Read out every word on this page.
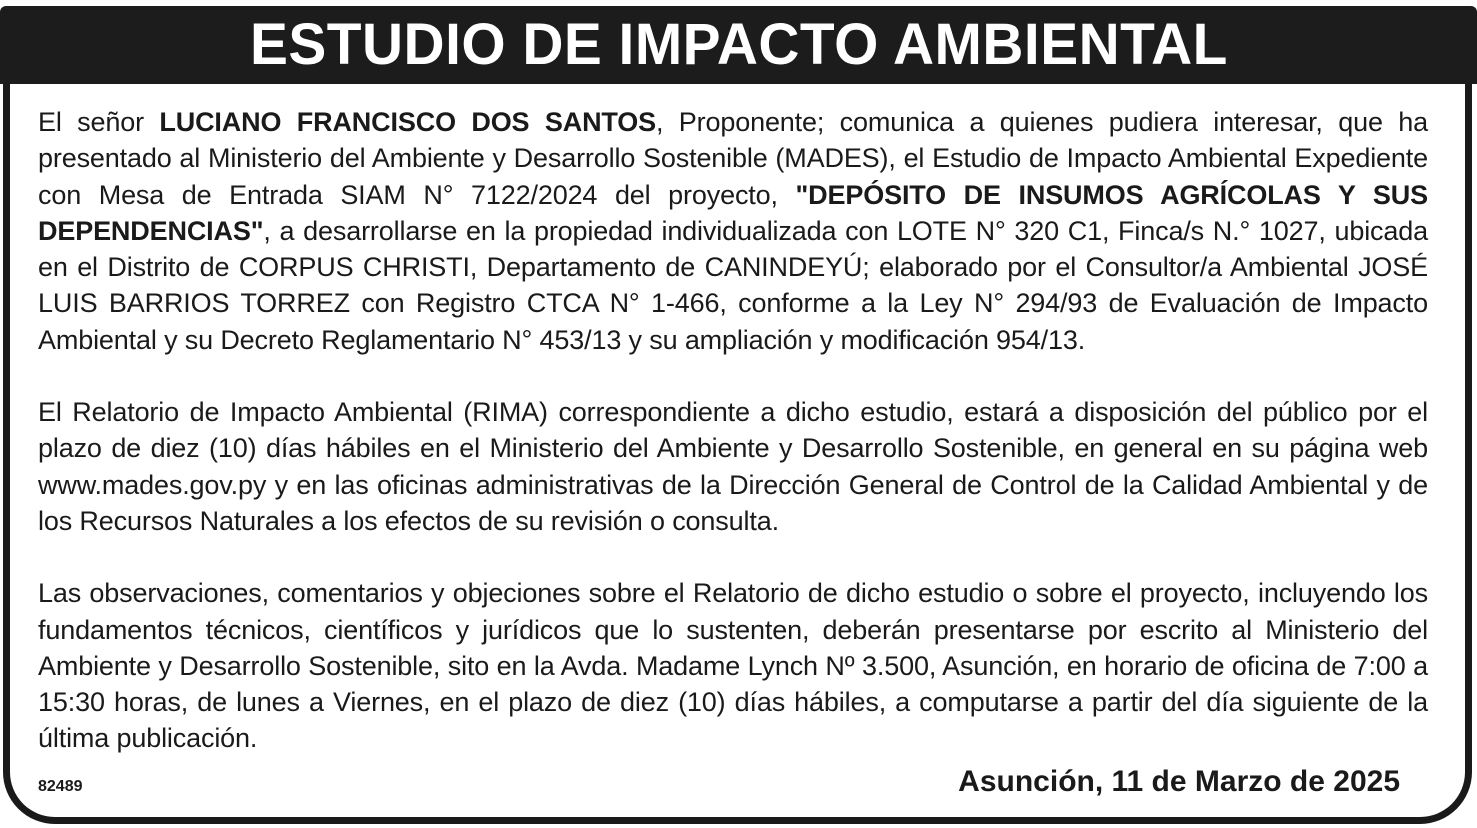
ESTUDIO DE IMPACTO AMBIENTAL

El señor LUCIANO FRANCISCO DOS SANTOS, Proponente; comunica a quienes pudiera interesar, que ha presentado al Ministerio del Ambiente y Desarrollo Sostenible (MADES), el Estudio de Impacto Ambiental Expediente con Mesa de Entrada SIAM N° 7122/2024 del proyecto, "DEPÓSITO DE INSUMOS AGRÍCOLAS Y SUS DEPENDENCIAS", a desarrollarse en la propiedad individualizada con LOTE N° 320 C1, Finca/s N.° 1027, ubicada en el Distrito de CORPUS CHRISTI, Departamento de CANINDEYÚ; elaborado por el Consultor/a Ambiental JOSÉ LUIS BARRIOS TORREZ con Registro CTCA N° 1-466, conforme a la Ley N° 294/93 de Evaluación de Impacto Ambiental y su Decreto Reglamentario N° 453/13 y su ampliación y modificación 954/13.

El Relatorio de Impacto Ambiental (RIMA) correspondiente a dicho estudio, estará a disposición del público por el plazo de diez (10) días hábiles en el Ministerio del Ambiente y Desarrollo Sostenible, en general en su página web www.mades.gov.py y en las oficinas administrativas de la Dirección General de Control de la Calidad Ambiental y de los Recursos Naturales a los efectos de su revisión o consulta.

Las observaciones, comentarios y objeciones sobre el Relatorio de dicho estudio o sobre el proyecto, incluyendo los fundamentos técnicos, científicos y jurídicos que lo sustenten, deberán presentarse por escrito al Ministerio del Ambiente y Desarrollo Sostenible, sito en la Avda. Madame Lynch Nº 3.500, Asunción, en horario de oficina de 7:00 a 15:30 horas, de lunes a Viernes, en el plazo de diez (10) días hábiles, a computarse a partir del día siguiente de la última publicación.

82489	Asunción, 11 de Marzo de 2025
